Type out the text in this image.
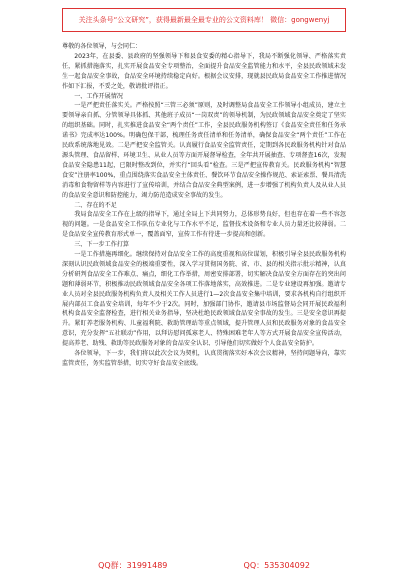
关注头条号“公文研究”，获得最新最全最专业的公文资料库！ 微信：gongwenyj

尊敬的各位领导，与会同仁：

2023年，在县委、县政府的坚强领导下和县食安委的精心指导下，我局不断强化领导、严格落实责任，紧抓措施落实，扎实开展食品安全专项整治，全面提升食品安全监管能力和水平，全县民政领域未发生一起食品安全事故，食品安全环境持续稳定向好。根据会议安排，现就县民政局食品安全工作推进情况作如下汇报，不妥之处，敬请批评指正。

一、工作开展情况

一是严把责任落实关。严格按照“三管三必须”原则，及时调整局食品安全工作领导小组成员，建立主要领导亲自抓、分管领导具体抓、其他班子成员“一岗双责”的领导机制，为民政领域食品安全奠定了坚实的组织基础。同时，扎实推进食品安全“两个责任”工作，全县民政服务机构签订《食品安全责任和任务承诺书》完成率达100%。明确包保干部，梳理任务责任清单和任务清单，确保食品安全“两个责任”工作在民政系统落地见效。二是严把安全监管关。认真履行食品安全监管责任，定期到各民政服务机构针对食品源头管理、食品留样、环境卫生、从业人员等方面开展督导检查，全年共开展抽查、专项督查16次，发现食品安全隐患11起，已限时整改到位，并实行“回头看”检查。三是严把宣传教育关。民政服务机构“智慧食安”注册率100%，重点围绕落实食品安全主体责任、餐饮环节食品安全操作规范、索证索票、餐具清洗消毒和食物留样等内容进行了宣传培训，并结合食品安全典型案例，进一步增强了机构负责人及从业人员的食品安全意识和防控能力，竭力防范造成安全事故的发生。

二、存在的不足

我局食品安全工作在上级的指导下，通过全局上下共同努力，总体形势良好，但也存在着一些不容忽视的问题。一是食品安全工作队伍专业化与工作水平不足，监督技术设备和专业人员力量还比较薄弱。二是食品安全宣传教育形式单一，覆盖面窄，宣传工作有待进一步提高和创新。

三、下一步工作打算

一是工作措施再细化。继续保持对食品安全工作的高度重视和高位谋划，积极引导全县民政服务机构深刻认识民政领域食品安全的极端重要性，深入学习贯彻国务院、省、市、县的相关指示批示精神，认真分析研判食品安全工作难点、痛点，细化工作举措，周密安排部署，切实解决食品安全方面存在的突出问题和薄弱环节，积极推动民政领域食品安全各项工作落地落实，高效推进。二是专业建设再加强。邀请专业人员对全县民政服务机构负责人及相关工作人员进行1—2次食品安全集中培训，要求各机构自行组织开展内部员工食品安全培训，每年不少于2次。同时，加强部门协作，邀请县市场监督局会同开展民政福利机构食品安全监督检查，进行相关业务指导，坚决杜绝民政领域食品安全事故的发生。三是安全意识再提升。紧盯养老服务机构、儿童福利院、救助管理站等重点领域，提升管理人员和民政服务对象的食品安全意识，充分发挥“五社联动”作用，以拜访慰问孤寡老人、特殊困难老年人等方式开展食品安全宣传活动，提高养老、助残、救助等民政服务对象的食品安全认识、引导他们切实做好个人食品安全防护。

各位领导，下一步，我们将以此次会议为契机，认真贯彻落实好本次会议精神，坚持问题导向，靠实监管责任，务实监管举措，切实守好食品安全底线。

QQ群：31991489	QQ：535304092
